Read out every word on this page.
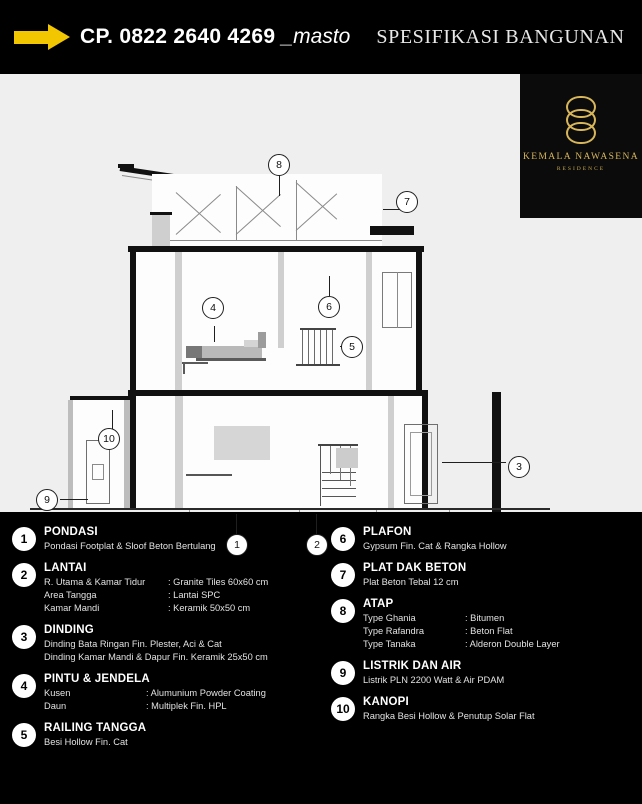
CP. 0822 2640 4269 _masto SPESIFIKASI BANGUNAN
8
7
4	6
5
3
9
10
1	2
KEMALA NAWASENA
RESIDENCE
1	PONDASI
Pondasi Footplat & Sloof Beton Bertulang
2	LANTAI
R. Utama & Kamar Tidur	: Granite Tiles 60x60 cm
Area Tangga	: Lantai SPC
Kamar Mandi	: Keramik 50x50 cm
3	DINDING
Dinding Bata Ringan Fin. Plester, Aci & Cat
Dinding Kamar Mandi & Dapur Fin. Keramik 25x50 cm
4	PINTU & JENDELA
Kusen	: Alumunium Powder Coating
Daun	: Multiplek Fin. HPL
5	RAILING TANGGA
Besi Hollow Fin. Cat
6	PLAFON
Gypsum Fin. Cat & Rangka Hollow
7	PLAT DAK BETON
Plat Beton Tebal 12 cm
8	ATAP
Type Ghania	: Bitumen
Type Rafandra	: Beton Flat
Type Tanaka	: Alderon Double Layer
9	LISTRIK DAN AIR
Listrik PLN 2200 Watt & Air PDAM
10	KANOPI
Rangka Besi Hollow & Penutup Solar Flat
